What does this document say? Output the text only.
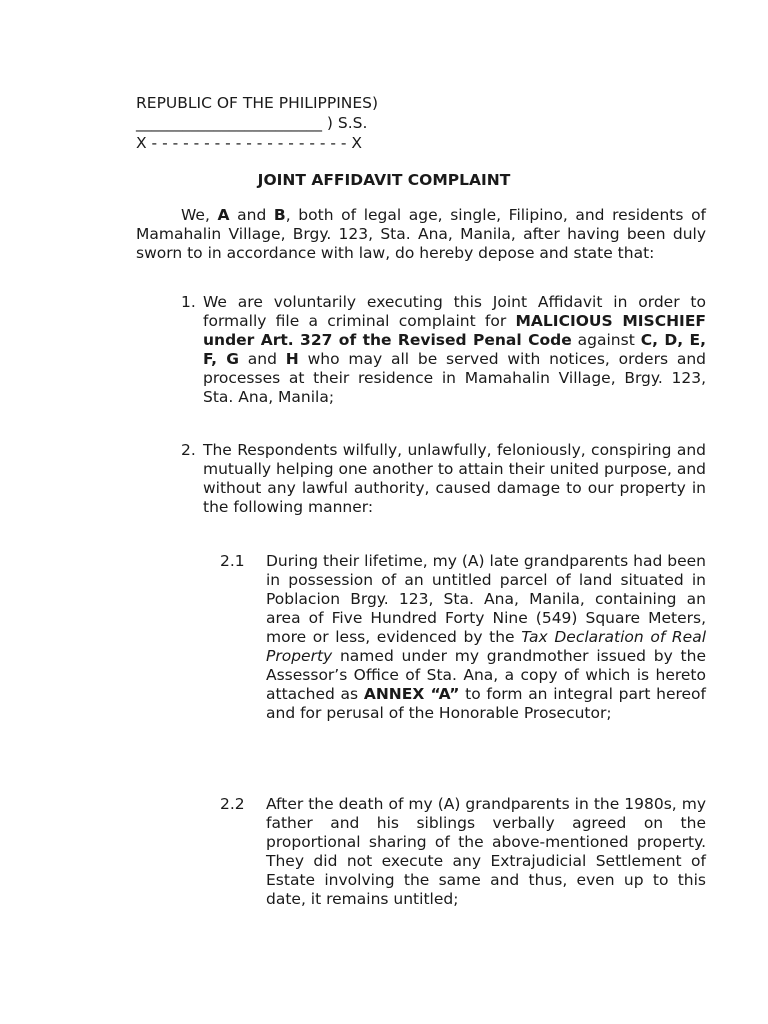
REPUBLIC OF THE PHILIPPINES)
________________________ ) S.S.
X - - - - - - - - - - - - - - - - - - - X
JOINT AFFIDAVIT COMPLAINT
We, A and B, both of legal age, single, Filipino, and residents of Mamahalin Village, Brgy. 123, Sta. Ana, Manila, after having been duly sworn to in accordance with law, do hereby depose and state that:
1. We are voluntarily executing this Joint Affidavit in order to formally file a criminal complaint for MALICIOUS MISCHIEF under Art. 327 of the Revised Penal Code against C, D, E, F, G and H who may all be served with notices, orders and processes at their residence in Mamahalin Village, Brgy. 123, Sta. Ana, Manila;
2. The Respondents wilfully, unlawfully, feloniously, conspiring and mutually helping one another to attain their united purpose, and without any lawful authority, caused damage to our property in the following manner:
2.1 During their lifetime, my (A) late grandparents had been in possession of an untitled parcel of land situated in Poblacion Brgy. 123, Sta. Ana, Manila, containing an area of Five Hundred Forty Nine (549) Square Meters, more or less, evidenced by the Tax Declaration of Real Property named under my grandmother issued by the Assessor’s Office of Sta. Ana, a copy of which is hereto attached as ANNEX “A” to form an integral part hereof and for perusal of the Honorable Prosecutor;
2.2 After the death of my (A) grandparents in the 1980s, my father and his siblings verbally agreed on the proportional sharing of the above-mentioned property. They did not execute any Extrajudicial Settlement of Estate involving the same and thus, even up to this date, it remains untitled;
